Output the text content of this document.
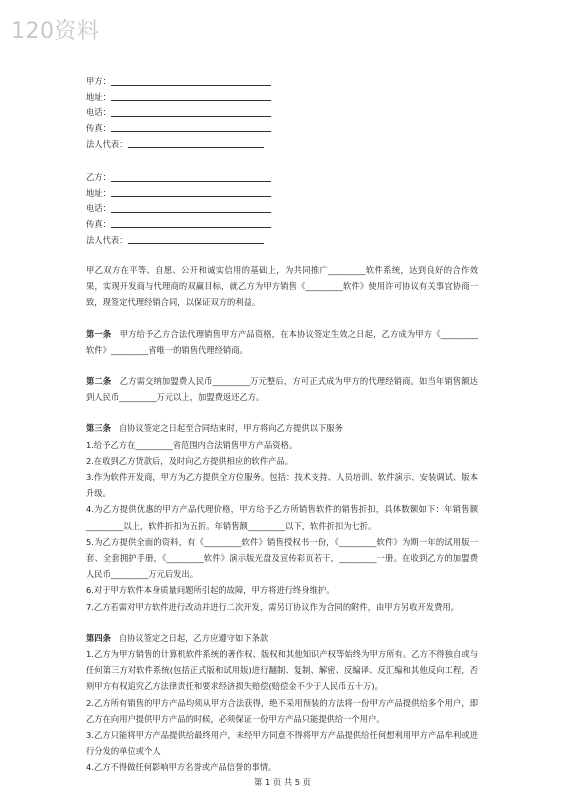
120资料
甲方：
地址：
电话：
传真：
法人代表：
乙方：
地址：
电话：
传真：
法人代表：

甲乙双方在平等、自愿、公开和诚实信用的基础上，为共同推广_________软件系统，达到良好的合作效果，实现开发商与代理商的双赢目标，就乙方为甲方销售《_________软件》使用许可协议有关事宜协商一致，现签定代理经销合同，以保证双方的利益。

第一条 甲方给予乙方合法代理销售甲方产品资格，在本协议签定生效之日起，乙方成为甲方《_________软件》_________省唯一的销售代理经销商。

第二条 乙方需交纳加盟费人民币_________万元整后，方可正式成为甲方的代理经销商。如当年销售额达到人民币_________万元以上，加盟费返还乙方。

第三条 自协议签定之日起至合同结束时，甲方将向乙方提供以下服务

1.给予乙方在_________省范围内合法销售甲方产品资格。
2.在收到乙方货款后，及时向乙方提供相应的软件产品。
3.作为软件开发商，甲方为乙方提供全方位服务。包括：技术支持、人员培训、软件演示、安装调试、版本升级。
4.为乙方提供优惠的甲方产品代理价格，甲方给予乙方所销售软件的销售折扣，具体数额如下：年销售额_________以上，软件折扣为五折。年销售额_________以下，软件折扣为七折。
5.为乙方提供全面的资料，有《_________软件》销售授权书一份，《_________软件》为期一年的试用版一套、全套拥护手册，《_________软件》演示版光盘及宣传彩页若干，_________一册。在收到乙方的加盟费人民币_________万元后发出。
6.对于甲方软件本身质量问题所引起的故障，甲方将进行终身维护。
7.乙方若需对甲方软件进行改动并进行二次开发，需另订协议作为合同的附件，由甲方另收开发费用。

第四条 自协议签定之日起，乙方应遵守如下条款

1.乙方为甲方销售的计算机软件系统的著作权、版权和其他知识产权等始终为甲方所有。乙方不得独自或与任何第三方对软件系统(包括正式版和试用版)进行翻制、复制、解密、反编译、反汇编和其他反向工程，否则甲方有权追究乙方法律责任和要求经济损失赔偿(赔偿金不少于人民币五十万)。
2.乙方所有销售的甲方产品均须从甲方合法获得，绝不采用预装的方法将一份甲方产品提供给多个用户，即乙方在向用户提供甲方产品的时候，必须保证一份甲方产品只能提供给一个用户。
3.乙方只能将甲方产品提供给最终用户，未经甲方同意不得将甲方产品提供给任何想利用甲方产品牟利或进行分发的单位或个人
4.乙方不得做任何影响甲方名誉或产品信誉的事情。
第 1 页 共 5 页
